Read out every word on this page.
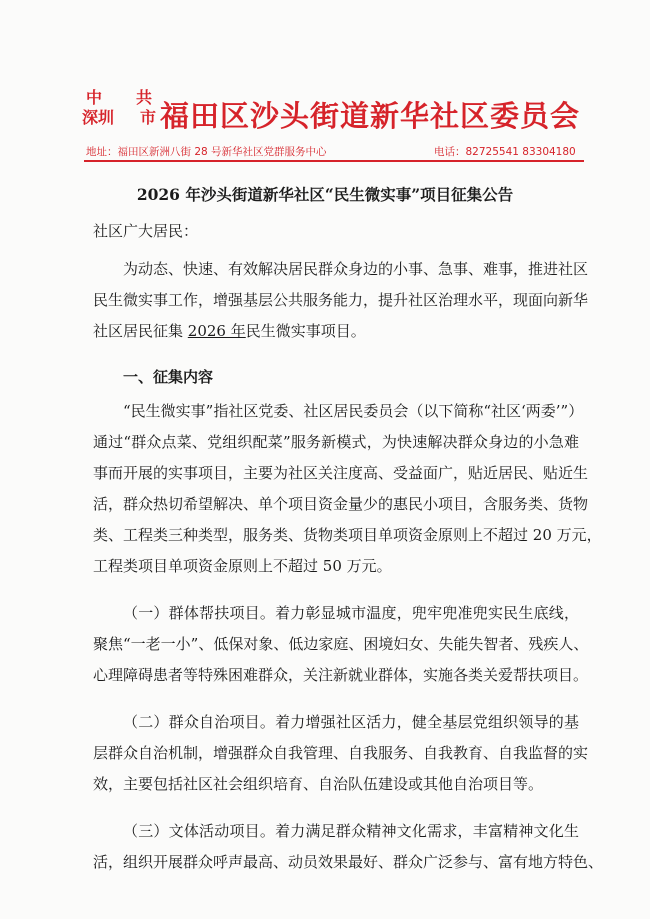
中 共
深圳 市 福田区沙头街道新华社区委员会
地址：福田区新洲八街 28 号新华社区党群服务中心	电话：82725541 83304180
2026 年沙头街道新华社区“民生微实事”项目征集公告
社区广大居民：
为动态、快速、有效解决居民群众身边的小事、急事、难事，推进社区
民生微实事工作，增强基层公共服务能力，提升社区治理水平，现面向新华
社区居民征集 2026 年民生微实事项目。
一、征集内容
“民生微实事”指社区党委、社区居民委员会（以下简称“社区‘两委’”）
通过“群众点菜、党组织配菜”服务新模式，为快速解决群众身边的小急难
事而开展的实事项目，主要为社区关注度高、受益面广，贴近居民、贴近生
活，群众热切希望解决、单个项目资金量少的惠民小项目，含服务类、货物
类、工程类三种类型，服务类、货物类项目单项资金原则上不超过 20 万元，
工程类项目单项资金原则上不超过 50 万元。
（一）群体帮扶项目。着力彰显城市温度，兜牢兜准兜实民生底线，
聚焦“一老一小”、低保对象、低边家庭、困境妇女、失能失智者、残疾人、
心理障碍患者等特殊困难群众，关注新就业群体，实施各类关爱帮扶项目。
（二）群众自治项目。着力增强社区活力，健全基层党组织领导的基
层群众自治机制，增强群众自我管理、自我服务、自我教育、自我监督的实
效，主要包括社区社会组织培育、自治队伍建设或其他自治项目等。
（三）文体活动项目。着力满足群众精神文化需求，丰富精神文化生
活，组织开展群众呼声最高、动员效果最好、群众广泛参与、富有地方特色、
